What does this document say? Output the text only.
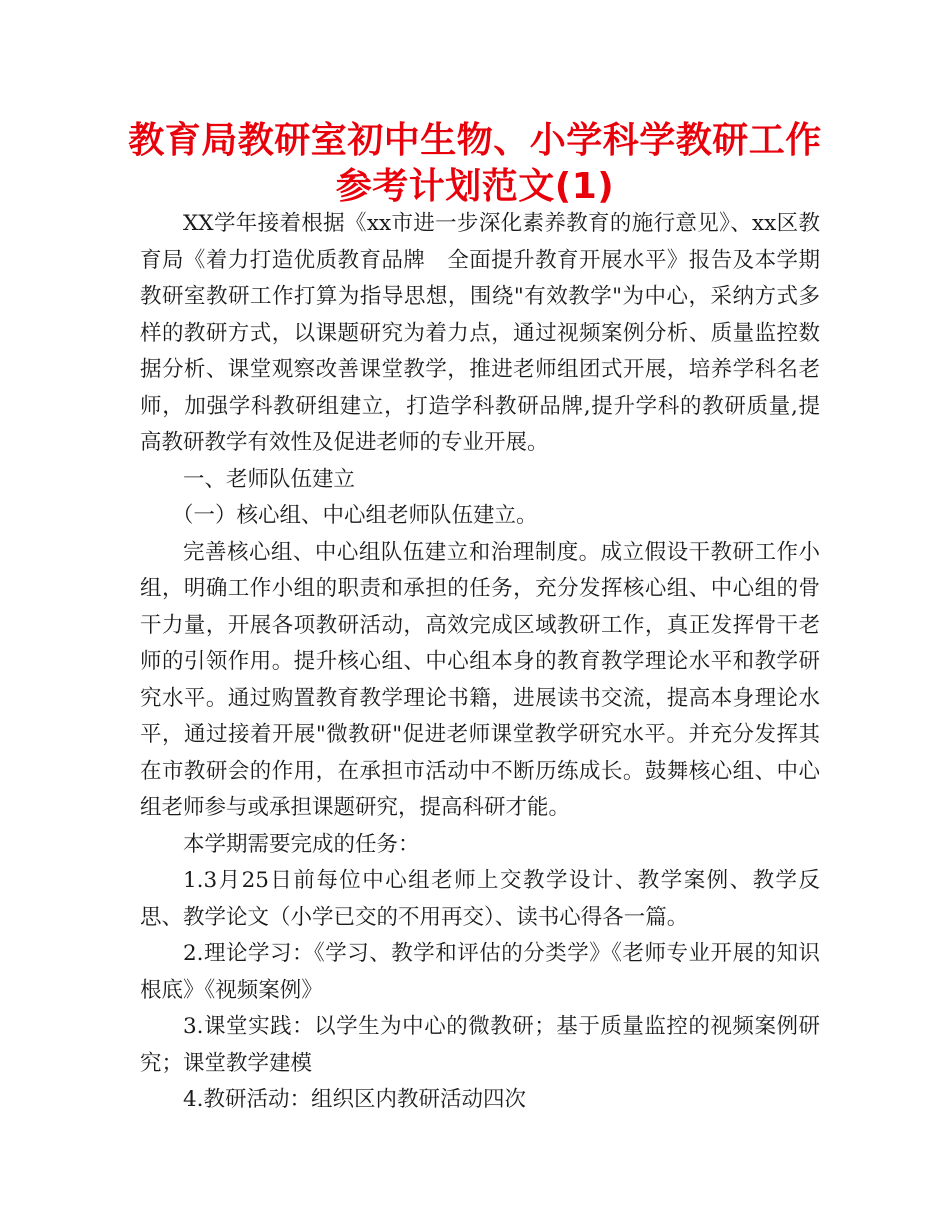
教育局教研室初中生物、小学科学教研工作参考计划范文(1)

XX学年接着根据《xx市进一步深化素养教育的施行意见》、xx区教育局《着力打造优质教育品牌　全面提升教育开展水平》报告及本学期教研室教研工作打算为指导思想，围绕"有效教学"为中心，采纳方式多样的教研方式，以课题研究为着力点，通过视频案例分析、质量监控数据分析、课堂观察改善课堂教学，推进老师组团式开展，培养学科名老师，加强学科教研组建立，打造学科教研品牌,提升学科的教研质量,提高教研教学有效性及促进老师的专业开展。

一、老师队伍建立

（一）核心组、中心组老师队伍建立。

完善核心组、中心组队伍建立和治理制度。成立假设干教研工作小组，明确工作小组的职责和承担的任务，充分发挥核心组、中心组的骨干力量，开展各项教研活动，高效完成区域教研工作，真正发挥骨干老师的引领作用。提升核心组、中心组本身的教育教学理论水平和教学研究水平。通过购置教育教学理论书籍，进展读书交流，提高本身理论水平，通过接着开展"微教研"促进老师课堂教学研究水平。并充分发挥其在市教研会的作用，在承担市活动中不断历练成长。鼓舞核心组、中心组老师参与或承担课题研究，提高科研才能。

本学期需要完成的任务：

1.3月25日前每位中心组老师上交教学设计、教学案例、教学反思、教学论文（小学已交的不用再交）、读书心得各一篇。

2.理论学习：《学习、教学和评估的分类学》《老师专业开展的知识根底》《视频案例》

3.课堂实践：以学生为中心的微教研；基于质量监控的视频案例研究；课堂教学建模

4.教研活动：组织区内教研活动四次
